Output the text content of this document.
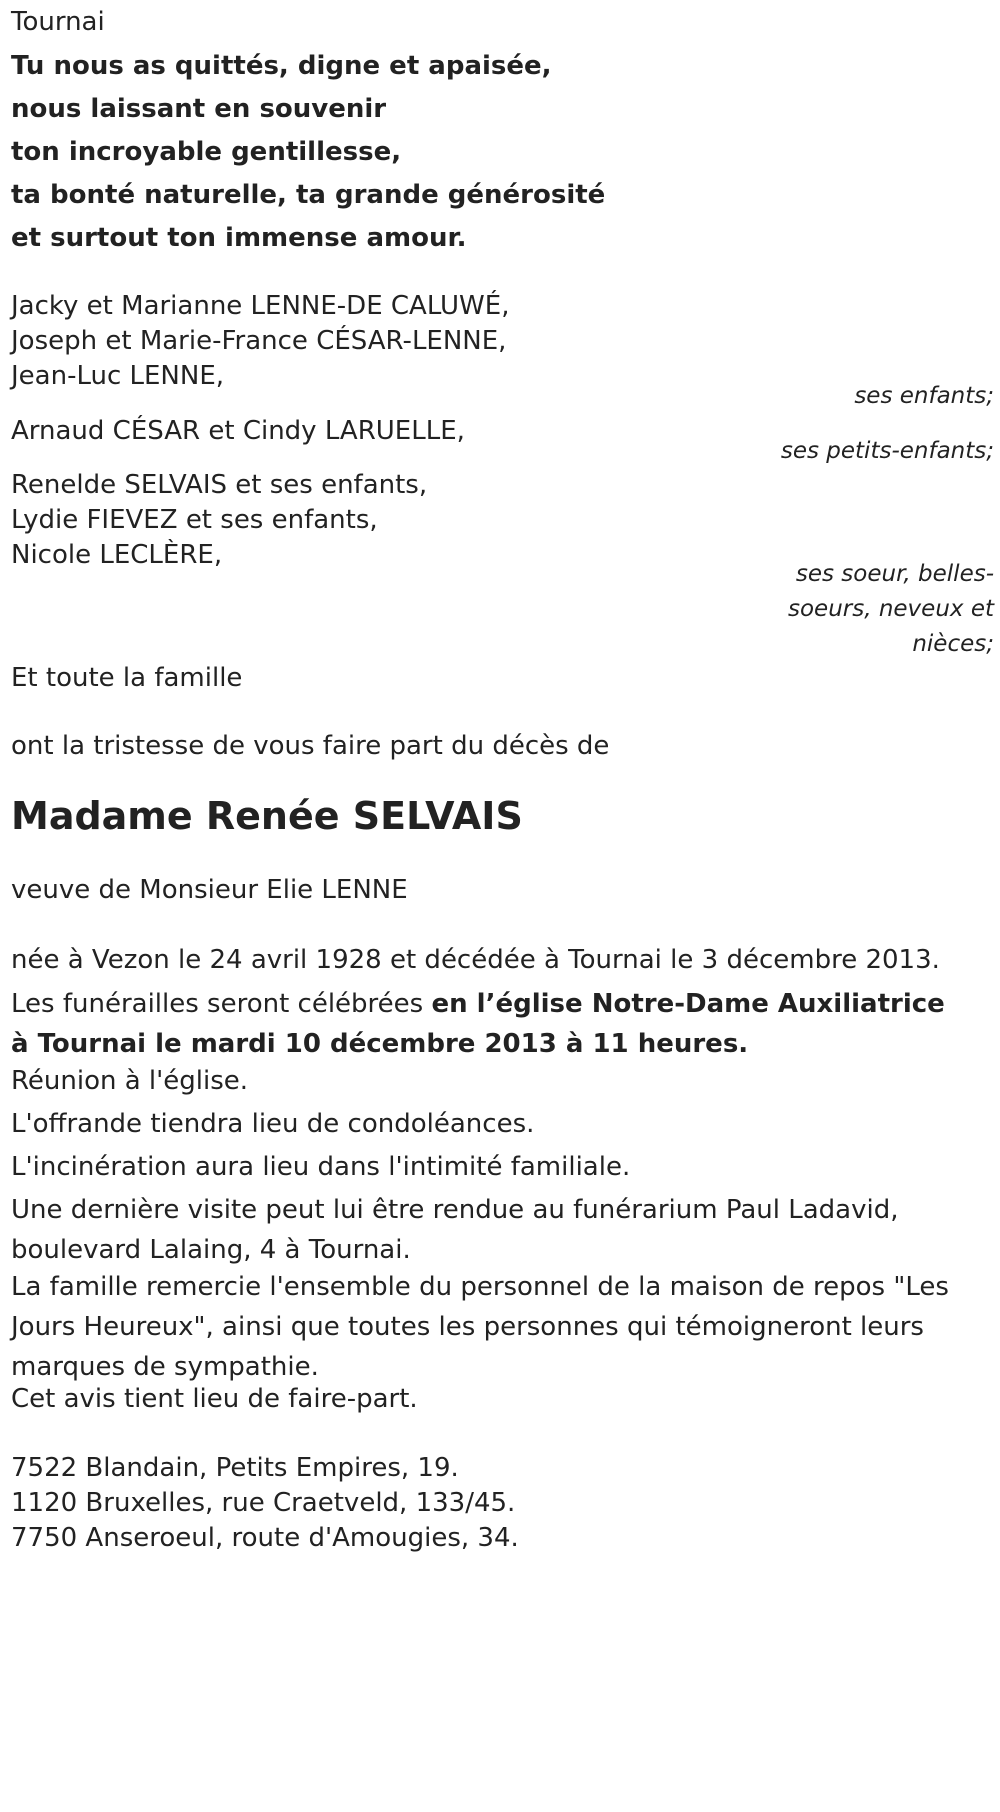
Tournai
Tu nous as quittés, digne et apaisée,
nous laissant en souvenir
ton incroyable gentillesse,
ta bonté naturelle, ta grande générosité
et surtout ton immense amour.
Jacky et Marianne LENNE-DE CALUWÉ,
Joseph et Marie-France CÉSAR-LENNE,
Jean-Luc LENNE,
ses enfants;
Arnaud CÉSAR et Cindy LARUELLE,
ses petits-enfants;
Renelde SELVAIS et ses enfants,
Lydie FIEVEZ et ses enfants,
Nicole LECLÈRE,
ses soeur, belles-
soeurs, neveux et
nièces;
Et toute la famille
ont la tristesse de vous faire part du décès de
Madame Renée SELVAIS
veuve de Monsieur Elie LENNE
née à Vezon le 24 avril 1928 et décédée à Tournai le 3 décembre 2013.
Les funérailles seront célébrées en l’église Notre-Dame Auxiliatrice à Tournai le mardi 10 décembre 2013 à 11 heures.
Réunion à l'église.
L'offrande tiendra lieu de condoléances.
L'incinération aura lieu dans l'intimité familiale.
Une dernière visite peut lui être rendue au funérarium Paul Ladavid, boulevard Lalaing, 4 à Tournai.
La famille remercie l'ensemble du personnel de la maison de repos "Les Jours Heureux", ainsi que toutes les personnes qui témoigneront leurs marques de sympathie.
Cet avis tient lieu de faire-part.
7522 Blandain, Petits Empires, 19.
1120 Bruxelles, rue Craetveld, 133/45.
7750 Anseroeul, route d'Amougies, 34.
